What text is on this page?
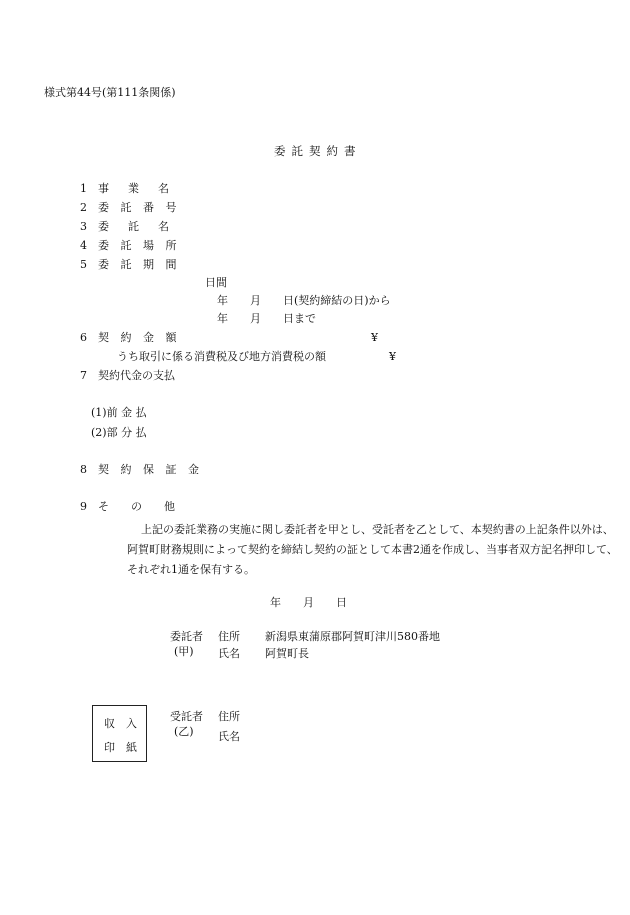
様式第44号(第111条関係)
委託契約書
1 事　業　名
2 委 託 番 号
3 委　託　名
4 委 託 場 所
5 委 託 期 間
日間
年　　月　　日(契約締結の日)から
年　　月　　日まで
6 契 約 金 額	¥
うち取引に係る消費税及び地方消費税の額	¥
7 契約代金の支払
(1)前 金 払
(2)部 分 払
8 契 約 保 証 金
9 そ　　の　　他
上記の委託業務の実施に関し委託者を甲とし、受託者を乙として、本契約書の上記条件以外は、阿賀町財務規則によって契約を締結し契約の証として本書2通を作成し、当事者双方記名押印して、それぞれ1通を保有する。
年　　月　　日
委託者
(甲)
住所 新潟県東蒲原郡阿賀町津川580番地
氏名 阿賀町長
収　入
印　紙
受託者
(乙)
住所
氏名
